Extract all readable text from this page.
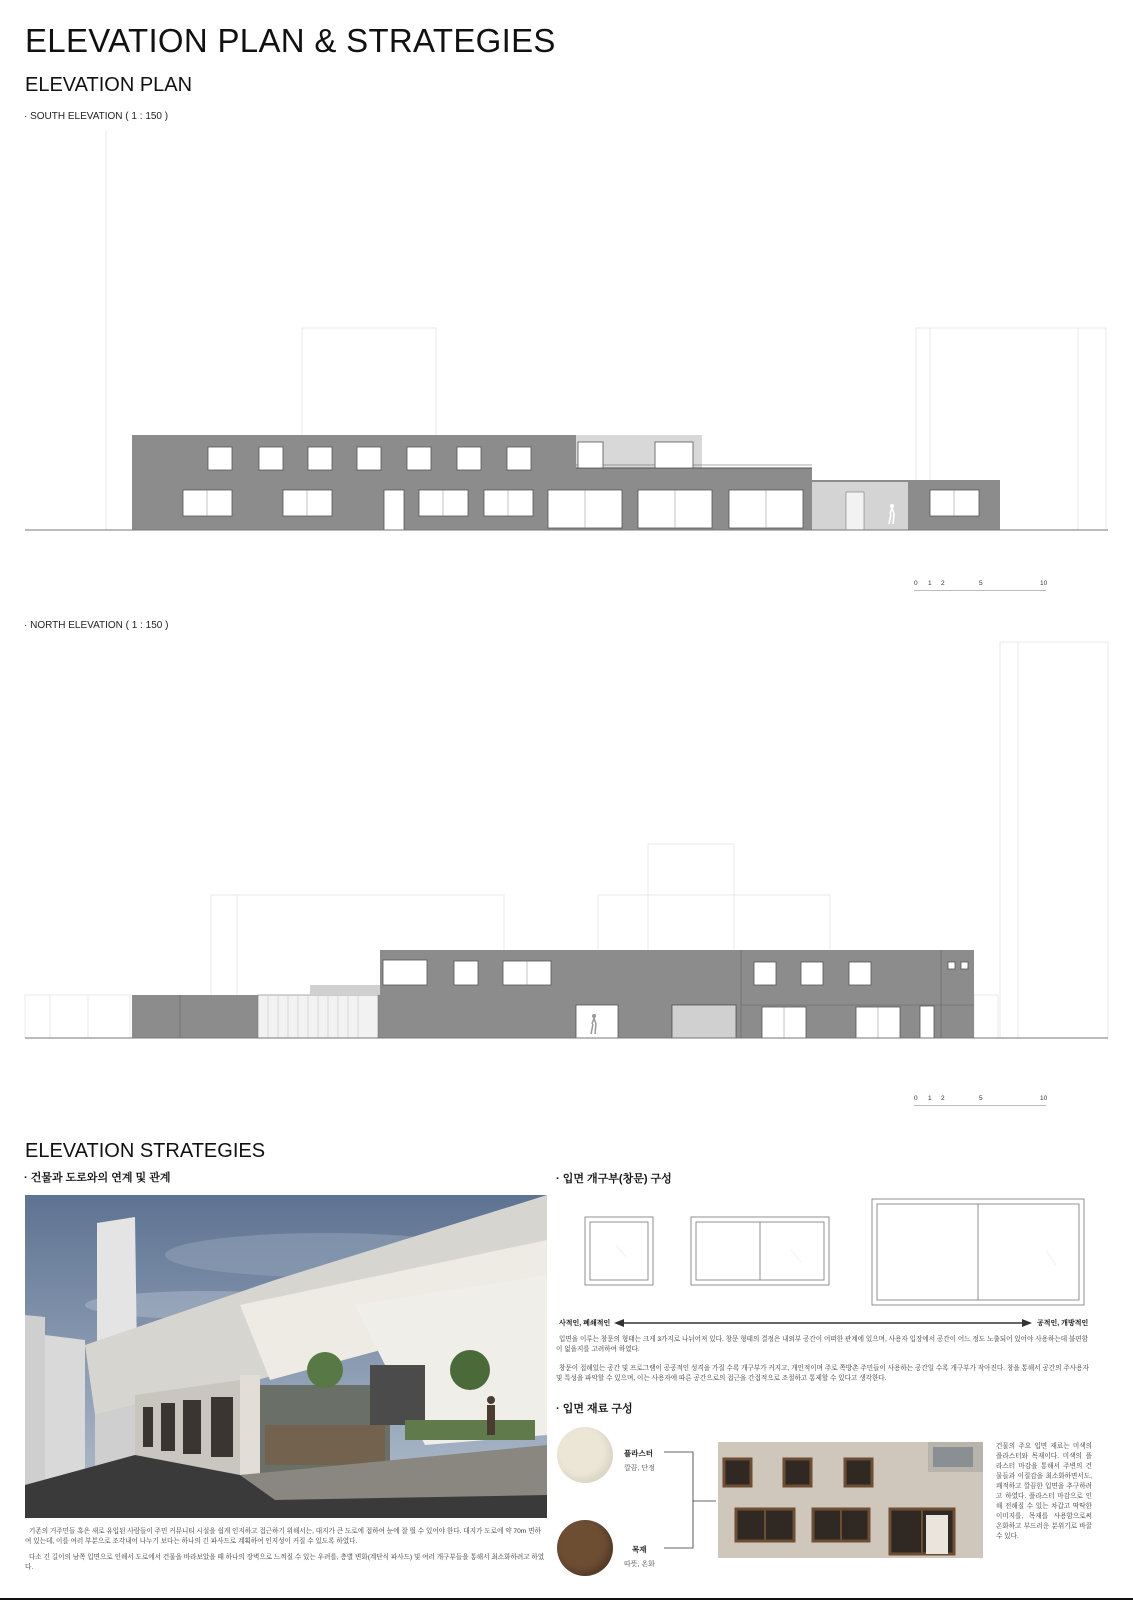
ELEVATION PLAN & STRATEGIES
ELEVATION PLAN
· SOUTH ELEVATION ( 1 : 150 )
0 1 2	5	10
· NORTH ELEVATION ( 1 : 150 )
0 1 2	5	10
ELEVATION STRATEGIES
· 건물과 도로와의 연계 및 관계
기존의 거주민들 혹은 새로 유입된 사람들이 주민 커뮤니티 시설을 쉽게 인지하고 접근하기 위해서는, 대지가 큰 도로에 접하여 눈에 잘 띌 수 있어야 한다. 대지가 도로에 약 70m 면하여 있는데, 이를 여러 부분으로 조각내어 나누기 보다는 하나의 긴 파사드로 계획하여 인지성이 커질 수 있도록 하였다.
다소 긴 길이의 남쪽 입면으로 인해서 도로에서 건물을 바라보았을 때 하나의 장벽으로 느껴질 수 있는 우려를, 층별 변화(계단식 파사드) 및 여러 개구부들을 통해서 최소화하려고 하였다.
· 입면 개구부(창문) 구성
사적인, 폐쇄적인	공적인, 개방적인
입면을 이루는 창문의 형태는 크게 3가지로 나뉘어져 있다. 창문 형태의 결정은 내외부 공간이 어떠한 관계에 있으며, 사용자 입장에서 공간이 어느 정도 노출되어 있어야 사용하는데 불편함이 없을지를 고려하여 하였다.
창문이 접해있는 공간 및 프로그램이 공공적인 성격을 가질 수록 개구부가 커지고, 개인적이며 주로 쪽방촌 주민들이 사용하는 공간일 수록 개구부가 작아진다. 창을 통해서 공간의 주사용자 및 특성을 파악할 수 있으며, 이는 사용자에 따른 공간으로의 접근을 간접적으로 조절하고 통제할 수 있다고 생각한다.
· 입면 재료 구성
플라스터
깔끔, 단정
목재
따뜻, 온화
건물의 주요 입면 재료는 미색의 플라스터와 목재이다. 미색의 플라스터 마감을 통해서 주변의 건물들과 이질감을 최소화하면서도, 쾌적하고 깔끔한 입면을 추구하려고 하였다. 플라스터 마감으로 인해 전해질 수 있는 차갑고 딱딱한 이미지를, 목재를 사용함으로써 온화하고 부드러운 분위기로 바꿀 수 있다.
